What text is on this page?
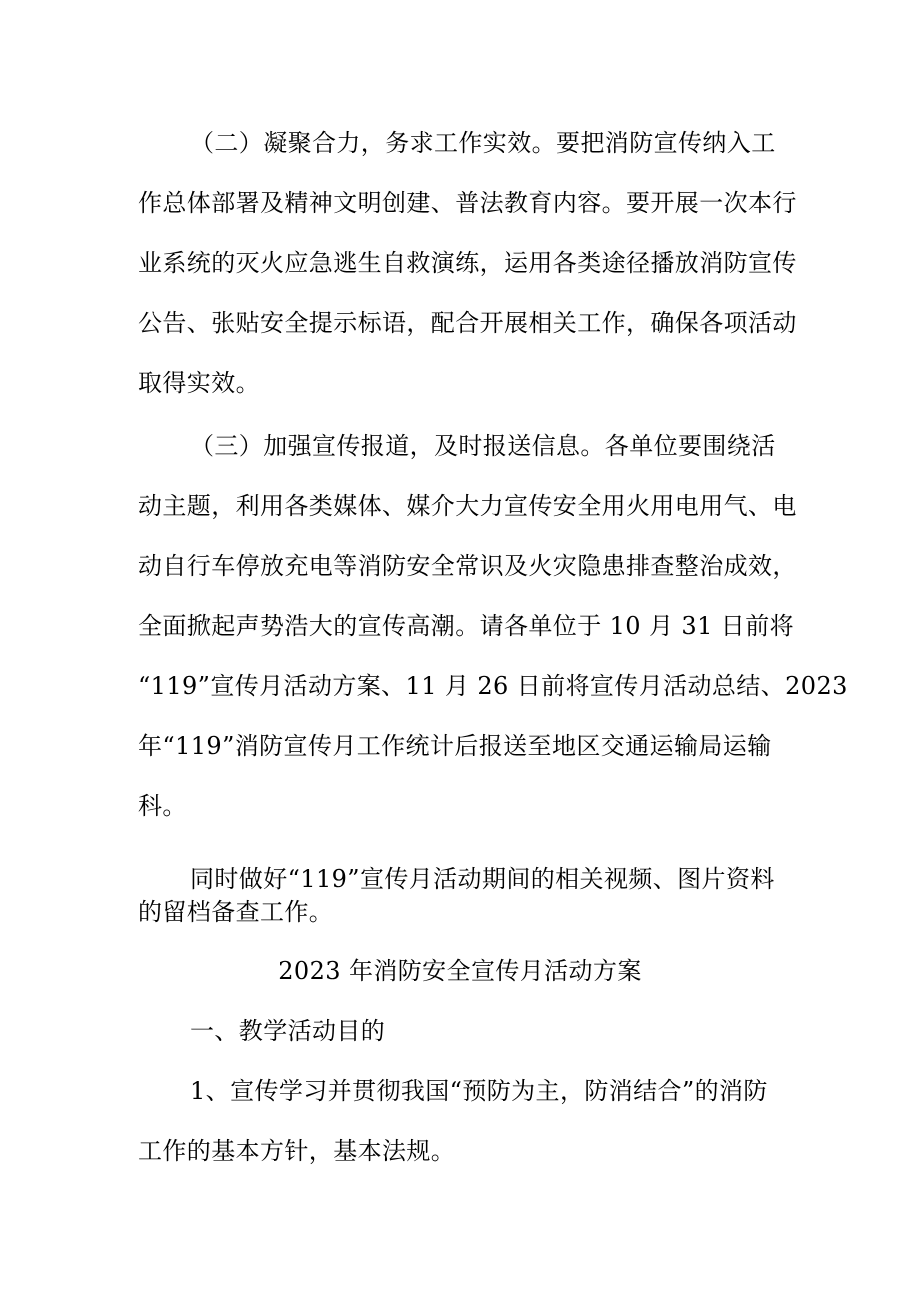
（二）凝聚合力，务求工作实效。要把消防宣传纳入工
作总体部署及精神文明创建、普法教育内容。要开展一次本行
业系统的灭火应急逃生自救演练，运用各类途径播放消防宣传
公告、张贴安全提示标语，配合开展相关工作，确保各项活动
取得实效。
（三）加强宣传报道，及时报送信息。各单位要围绕活
动主题，利用各类媒体、媒介大力宣传安全用火用电用气、电
动自行车停放充电等消防安全常识及火灾隐患排查整治成效，
全面掀起声势浩大的宣传高潮。请各单位于 10 月 31 日前将
“119”宣传月活动方案、11 月 26 日前将宣传月活动总结、2023
年“119”消防宣传月工作统计后报送至地区交通运输局运输
科。
同时做好“119”宣传月活动期间的相关视频、图片资料
的留档备查工作。
2023 年消防安全宣传月活动方案
一、教学活动目的
1、宣传学习并贯彻我国“预防为主，防消结合”的消防
工作的基本方针，基本法规。
